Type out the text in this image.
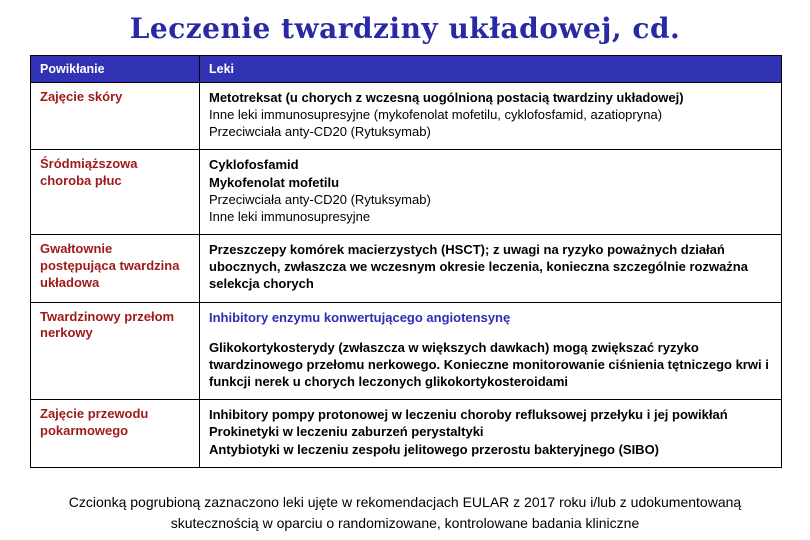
Leczenie twardziny układowej, cd.
Powikłanie	Leki
Zajęcie skóry	Metotreksat (u chorych z wczesną uogólnioną postacią twardziny układowej)
Inne leki immunosupresyjne (mykofenolat mofetilu, cyklofosfamid, azatiopryna)
Przeciwciała anty-CD20 (Rytuksymab)

Śródmiąższowa choroba płuc	Cyklofosfamid
Mykofenolat mofetilu
Przeciwciała anty-CD20 (Rytuksymab)
Inne leki immunosupresyjne

Gwałtownie postępująca twardzina układowa	Przeszczepy komórek macierzystych (HSCT); z uwagi na ryzyko poważnych działań ubocznych, zwłaszcza we wczesnym okresie leczenia, konieczna szczególnie rozważna selekcja chorych

Twardzinowy przełom nerkowy	Inhibitory enzymu konwertującego angiotensynę
Glikokortykosterydy (zwłaszcza w większych dawkach) mogą zwiększać ryzyko twardzinowego przełomu nerkowego. Konieczne monitorowanie ciśnienia tętniczego krwi i funkcji nerek u chorych leczonych glikokortykosteroidami

Zajęcie przewodu pokarmowego	Inhibitory pompy protonowej w leczeniu choroby refluksowej przełyku i jej powikłań
Prokinetyki w leczeniu zaburzeń perystaltyki
Antybiotyki w leczeniu zespołu jelitowego przerostu bakteryjnego (SIBO)

Czcionką pogrubioną zaznaczono leki ujęte w rekomendacjach EULAR z 2017 roku i/lub z udokumentowaną skutecznością w oparciu o randomizowane, kontrolowane badania kliniczne
